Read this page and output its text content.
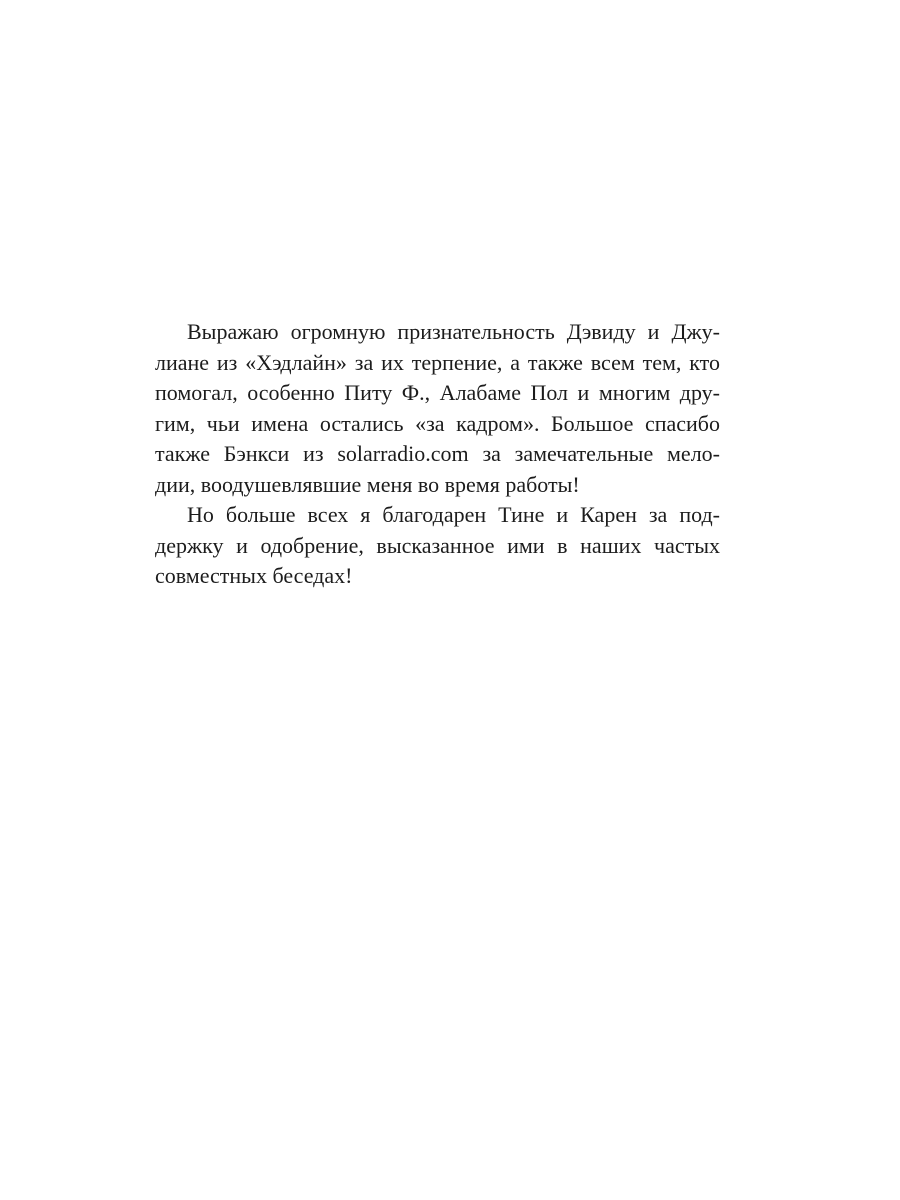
Выражаю огромную признательность Дэвиду и Джу-
лиане из «Хэдлайн» за их терпение, а также всем тем, кто
помогал, особенно Питу Ф., Алабаме Пол и многим дру-
гим, чьи имена остались «за кадром». Большое спасибо
также Бэнкси из solarradio.com за замечательные мело-
дии, воодушевлявшие меня во время работы!
Но больше всех я благодарен Тине и Карен за под-
держку и одобрение, высказанное ими в наших частых
совместных беседах!
